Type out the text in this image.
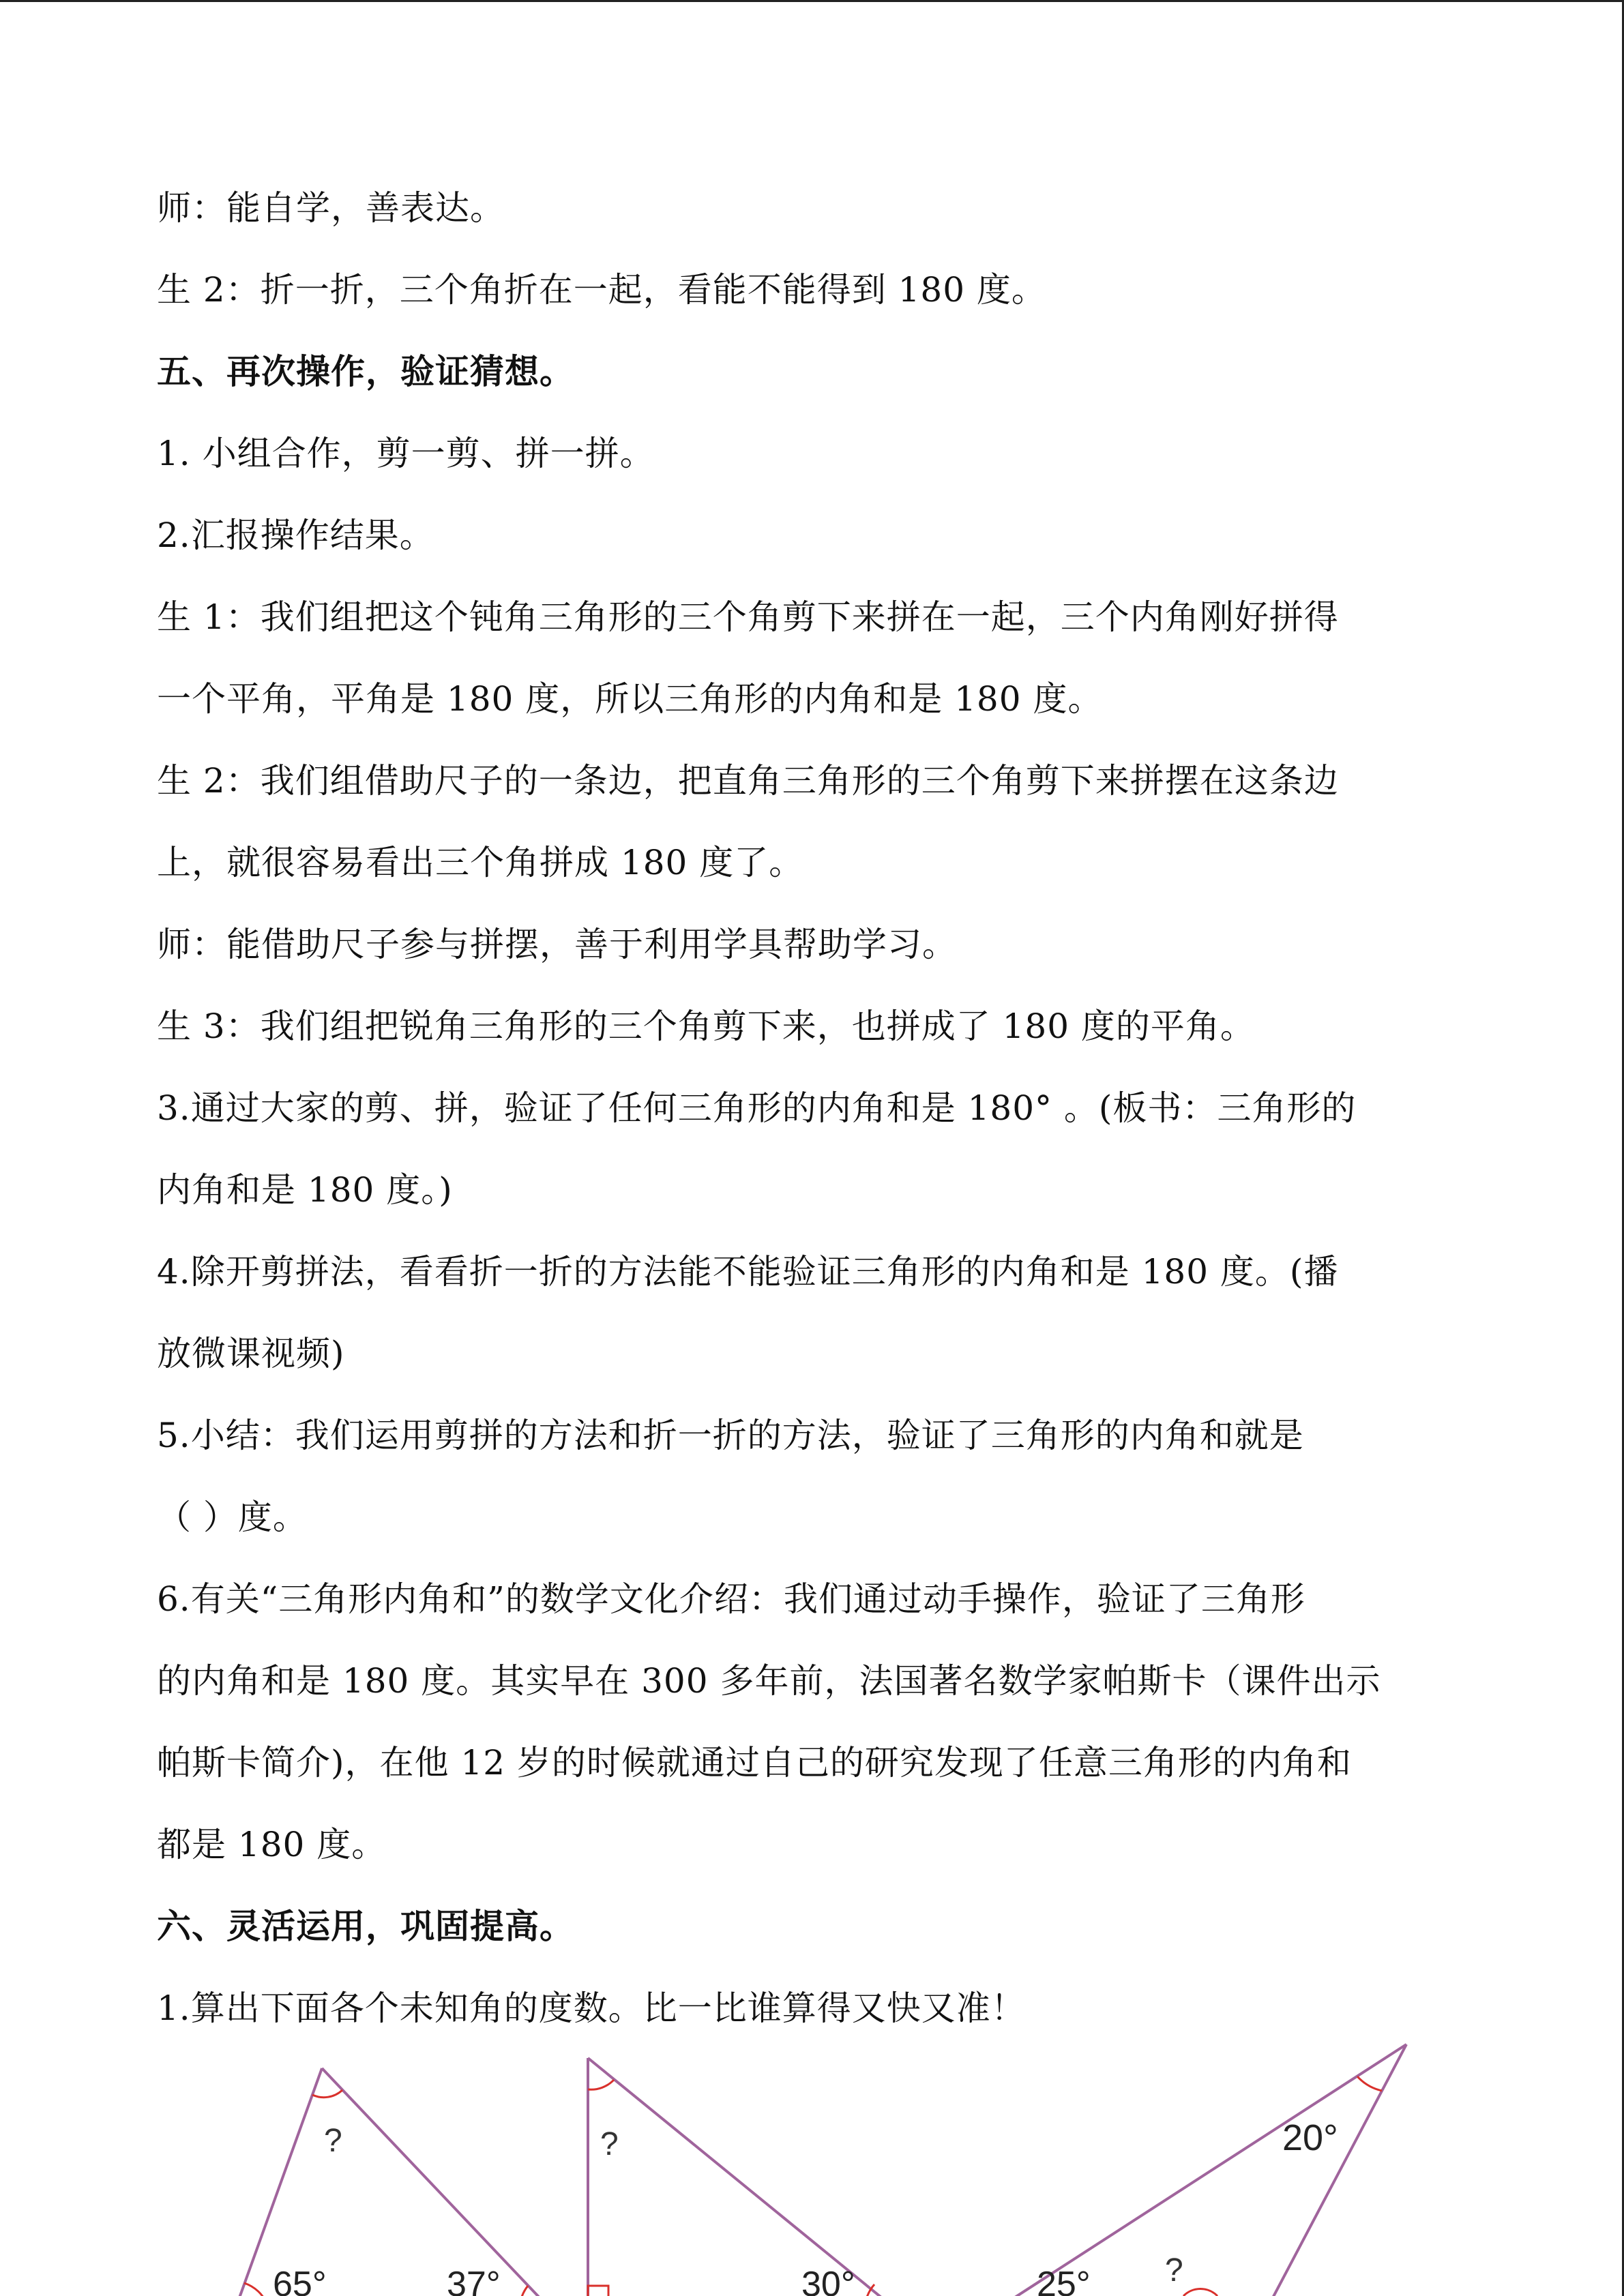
师：能自学，善表达。
生 2：折一折，三个角折在一起，看能不能得到 180 度。
五、再次操作，验证猜想。
1. 小组合作，剪一剪、拼一拼。
2.汇报操作结果。
生 1：我们组把这个钝角三角形的三个角剪下来拼在一起，三个内角刚好拼得
一个平角，平角是 180 度，所以三角形的内角和是 180 度。
生 2：我们组借助尺子的一条边，把直角三角形的三个角剪下来拼摆在这条边
上，就很容易看出三个角拼成 180 度了。
师：能借助尺子参与拼摆，善于利用学具帮助学习。
生 3：我们组把锐角三角形的三个角剪下来，也拼成了 180 度的平角。
3.通过大家的剪、拼，验证了任何三角形的内角和是 180° 。(板书：三角形的
内角和是 180 度。)
4.除开剪拼法，看看折一折的方法能不能验证三角形的内角和是 180 度。(播
放微课视频)
5.小结：我们运用剪拼的方法和折一折的方法，验证了三角形的内角和就是
（ ）度。
6.有关“三角形内角和”的数学文化介绍：我们通过动手操作，验证了三角形
的内角和是 180 度。其实早在 300 多年前，法国著名数学家帕斯卡（课件出示
帕斯卡简介)，在他 12 岁的时候就通过自己的研究发现了任意三角形的内角和
都是 180 度。
六、灵活运用，巩固提高。
1.算出下面各个未知角的度数。比一比谁算得又快又准！
?
65°	37°
?
30°
20°
25° ?
